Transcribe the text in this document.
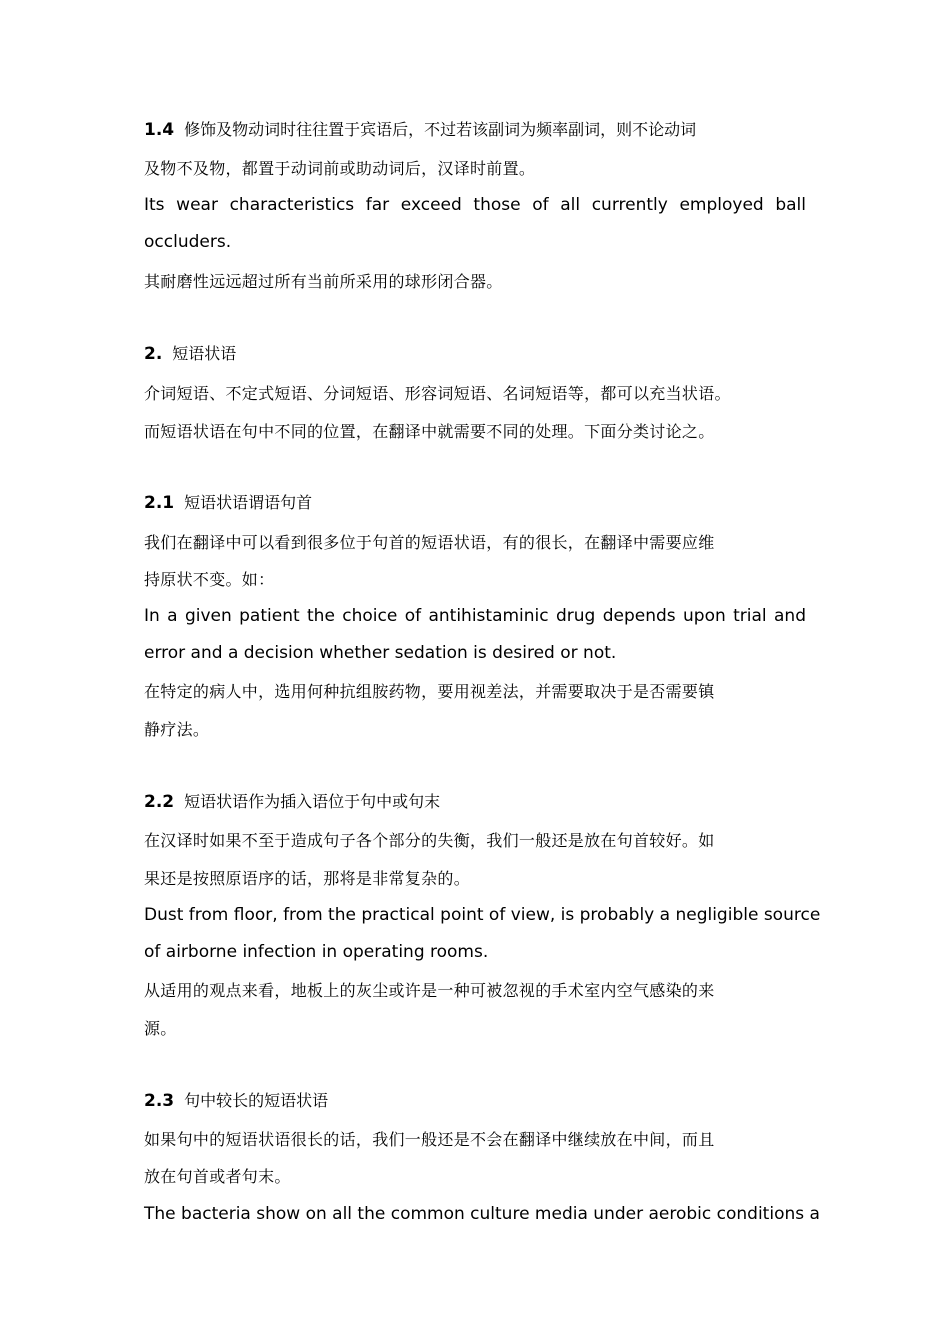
1.4 修饰及物动词时往往置于宾语后，不过若该副词为频率副词，则不论动词
及物不及物，都置于动词前或助动词后，汉译时前置。
Its wear characteristics far exceed those of all currently employed ball
occluders.
其耐磨性远远超过所有当前所采用的球形闭合器。
2. 短语状语
介词短语、不定式短语、分词短语、形容词短语、名词短语等，都可以充当状语。
而短语状语在句中不同的位置，在翻译中就需要不同的处理。下面分类讨论之。
2.1 短语状语谓语句首
我们在翻译中可以看到很多位于句首的短语状语，有的很长，在翻译中需要应维
持原状不变。如：
In a given patient the choice of antihistaminic drug depends upon trial and
error and a decision whether sedation is desired or not.
在特定的病人中，选用何种抗组胺药物，要用视差法，并需要取决于是否需要镇
静疗法。
2.2 短语状语作为插入语位于句中或句末
在汉译时如果不至于造成句子各个部分的失衡，我们一般还是放在句首较好。如
果还是按照原语序的话，那将是非常复杂的。
Dust from floor, from the practical point of view, is probably a negligible source
of airborne infection in operating rooms.
从适用的观点来看，地板上的灰尘或许是一种可被忽视的手术室内空气感染的来
源。
2.3 句中较长的短语状语
如果句中的短语状语很长的话，我们一般还是不会在翻译中继续放在中间，而且
放在句首或者句末。
The bacteria show on all the common culture media under aerobic conditions a
